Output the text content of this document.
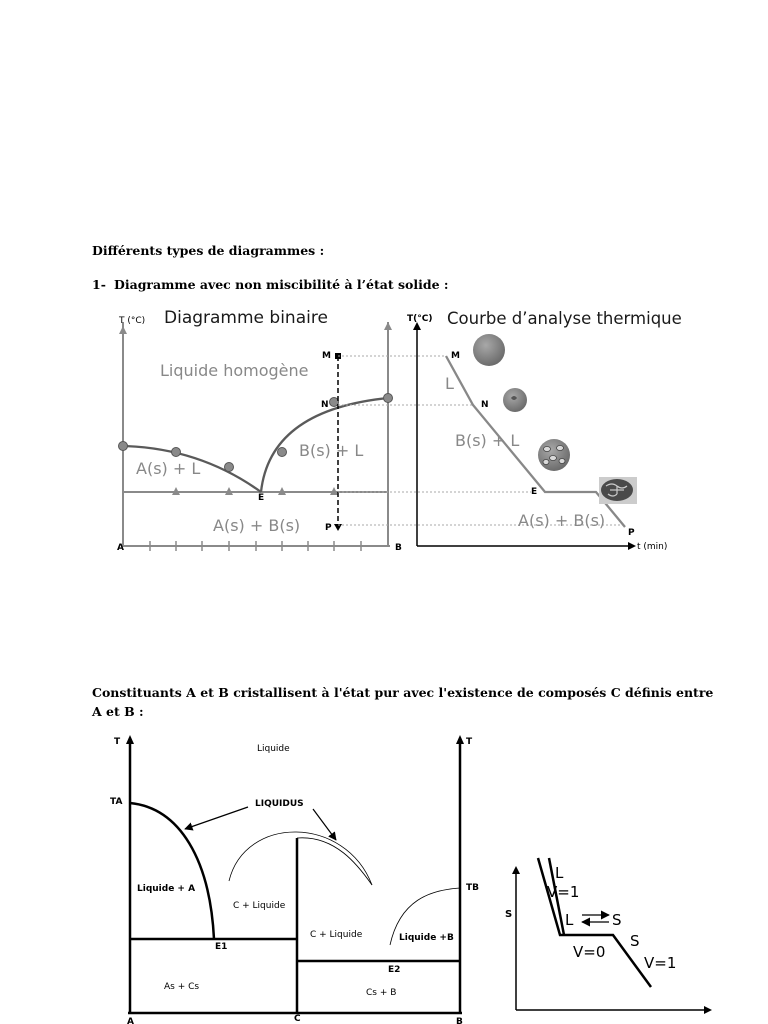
Différents types de diagrammes :
1- Diagramme avec non miscibilité à l’état solide :
Constituants A et B cristallisent à l'état pur avec l'existence de composés C définis entre
A et B :
T (°C)
A	B
M
N
E
P
Diagramme binaire
Liquide homogène
A(s) + L
B(s) + L
A(s) + B(s)
T(°C)
t (min)
M
N
E
P
Courbe d’analyse thermique
L
B(s) + L
A(s) + B(s)
T	T
Liquide
LIQUIDUS
TA
TB
Liquide + A
C + Liquide
C + Liquide	Liquide +B
E1
E2
As + Cs
Cs + B
A	C	B
S
L
V=1
L	S
V=0
S
V=1
